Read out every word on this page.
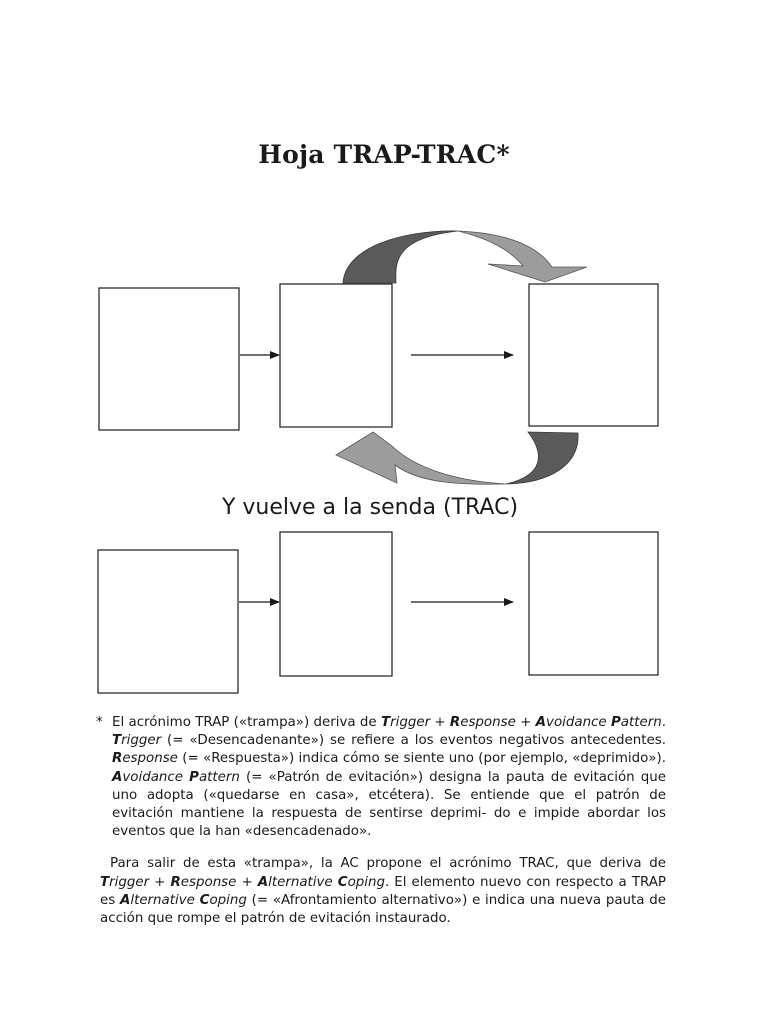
Hoja TRAP-TRAC*
Y vuelve a la senda (TRAC)
* El acrónimo TRAP («trampa») deriva de Trigger + Response + Avoidance Pattern. Trigger (= «Desencadenante») se refiere a los eventos negativos antecedentes. Response (= «Respuesta») indica cómo se siente uno (por ejemplo, «deprimido»). Avoidance Pattern (= «Patrón de evitación») designa la pauta de evitación que uno adopta («quedarse en casa», etcétera). Se entiende que el patrón de evitación mantiene la respuesta de sentirse deprimi- do e impide abordar los eventos que la han «desencadenado».
Para salir de esta «trampa», la AC propone el acrónimo TRAC, que deriva de Trigger + Response + Alternative Coping. El elemento nuevo con respecto a TRAP es Alternative Coping (= «Afrontamiento alternativo») e indica una nueva pauta de acción que rompe el patrón de evitación instaurado.
